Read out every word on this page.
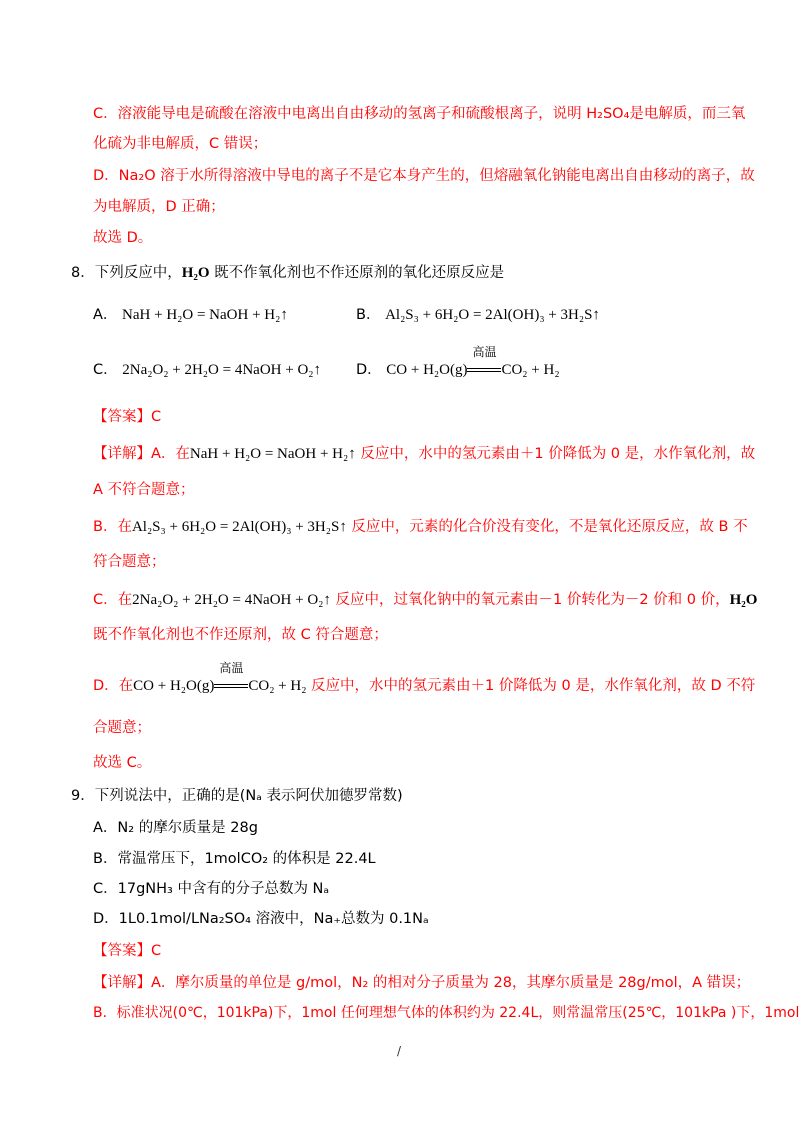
C．溶液能导电是硫酸在溶液中电离出自由移动的氢离子和硫酸根离子，说明 H₂SO₄是电解质，而三氧
化硫为非电解质，C 错误；
D．Na₂O 溶于水所得溶液中导电的离子不是它本身产生的，但熔融氧化钠能电离出自由移动的离子，故
为电解质，D 正确；
故选 D。
8．下列反应中，H₂O 既不作氧化剂也不作还原剂的氧化还原反应是
A． NaH + H₂O = NaOH + H₂↑	B． Al₂S₃ + 6H₂O = 2Al(OH)₃ + 3H₂S↑
C． 2Na₂O₂ + 2H₂O = 4NaOH + O₂↑ D． CO + H₂O(g)
高温
CO₂ + H₂
【答案】C
【详解】A．在NaH + H₂O = NaOH + H₂↑ 反应中，水中的氢元素由＋1 价降低为 0 是，水作氧化剂，故
A 不符合题意；
B．在Al₂S₃ + 6H₂O = 2Al(OH)₃ + 3H₂S↑ 反应中，元素的化合价没有变化，不是氧化还原反应，故 B 不
符合题意；
C．在2Na₂O₂ + 2H₂O = 4NaOH + O₂↑ 反应中，过氧化钠中的氧元素由－1 价转化为－2 价和 0 价，H₂O
既不作氧化剂也不作还原剂，故 C 符合题意；
D．在CO + H₂O(g)
高温
CO₂ + H₂ 反应中，水中的氢元素由＋1 价降低为 0 是，水作氧化剂，故 D 不符
合题意；
故选 C。
9．下列说法中，正确的是(Nₐ 表示阿伏加德罗常数)
A．N₂ 的摩尔质量是 28g
B．常温常压下，1molCO₂ 的体积是 22.4L
C．17gNH₃ 中含有的分子总数为 Nₐ
D．1L0.1mol/LNa₂SO₄ 溶液中，Na₊总数为 0.1Nₐ
【答案】C
【详解】A．摩尔质量的单位是 g/mol，N₂ 的相对分子质量为 28，其摩尔质量是 28g/mol，A 错误；
B．标准状况(0℃，101kPa)下，1mol 任何理想气体的体积约为 22.4L，则常温常压(25℃，101kPa )下，1mol
/
